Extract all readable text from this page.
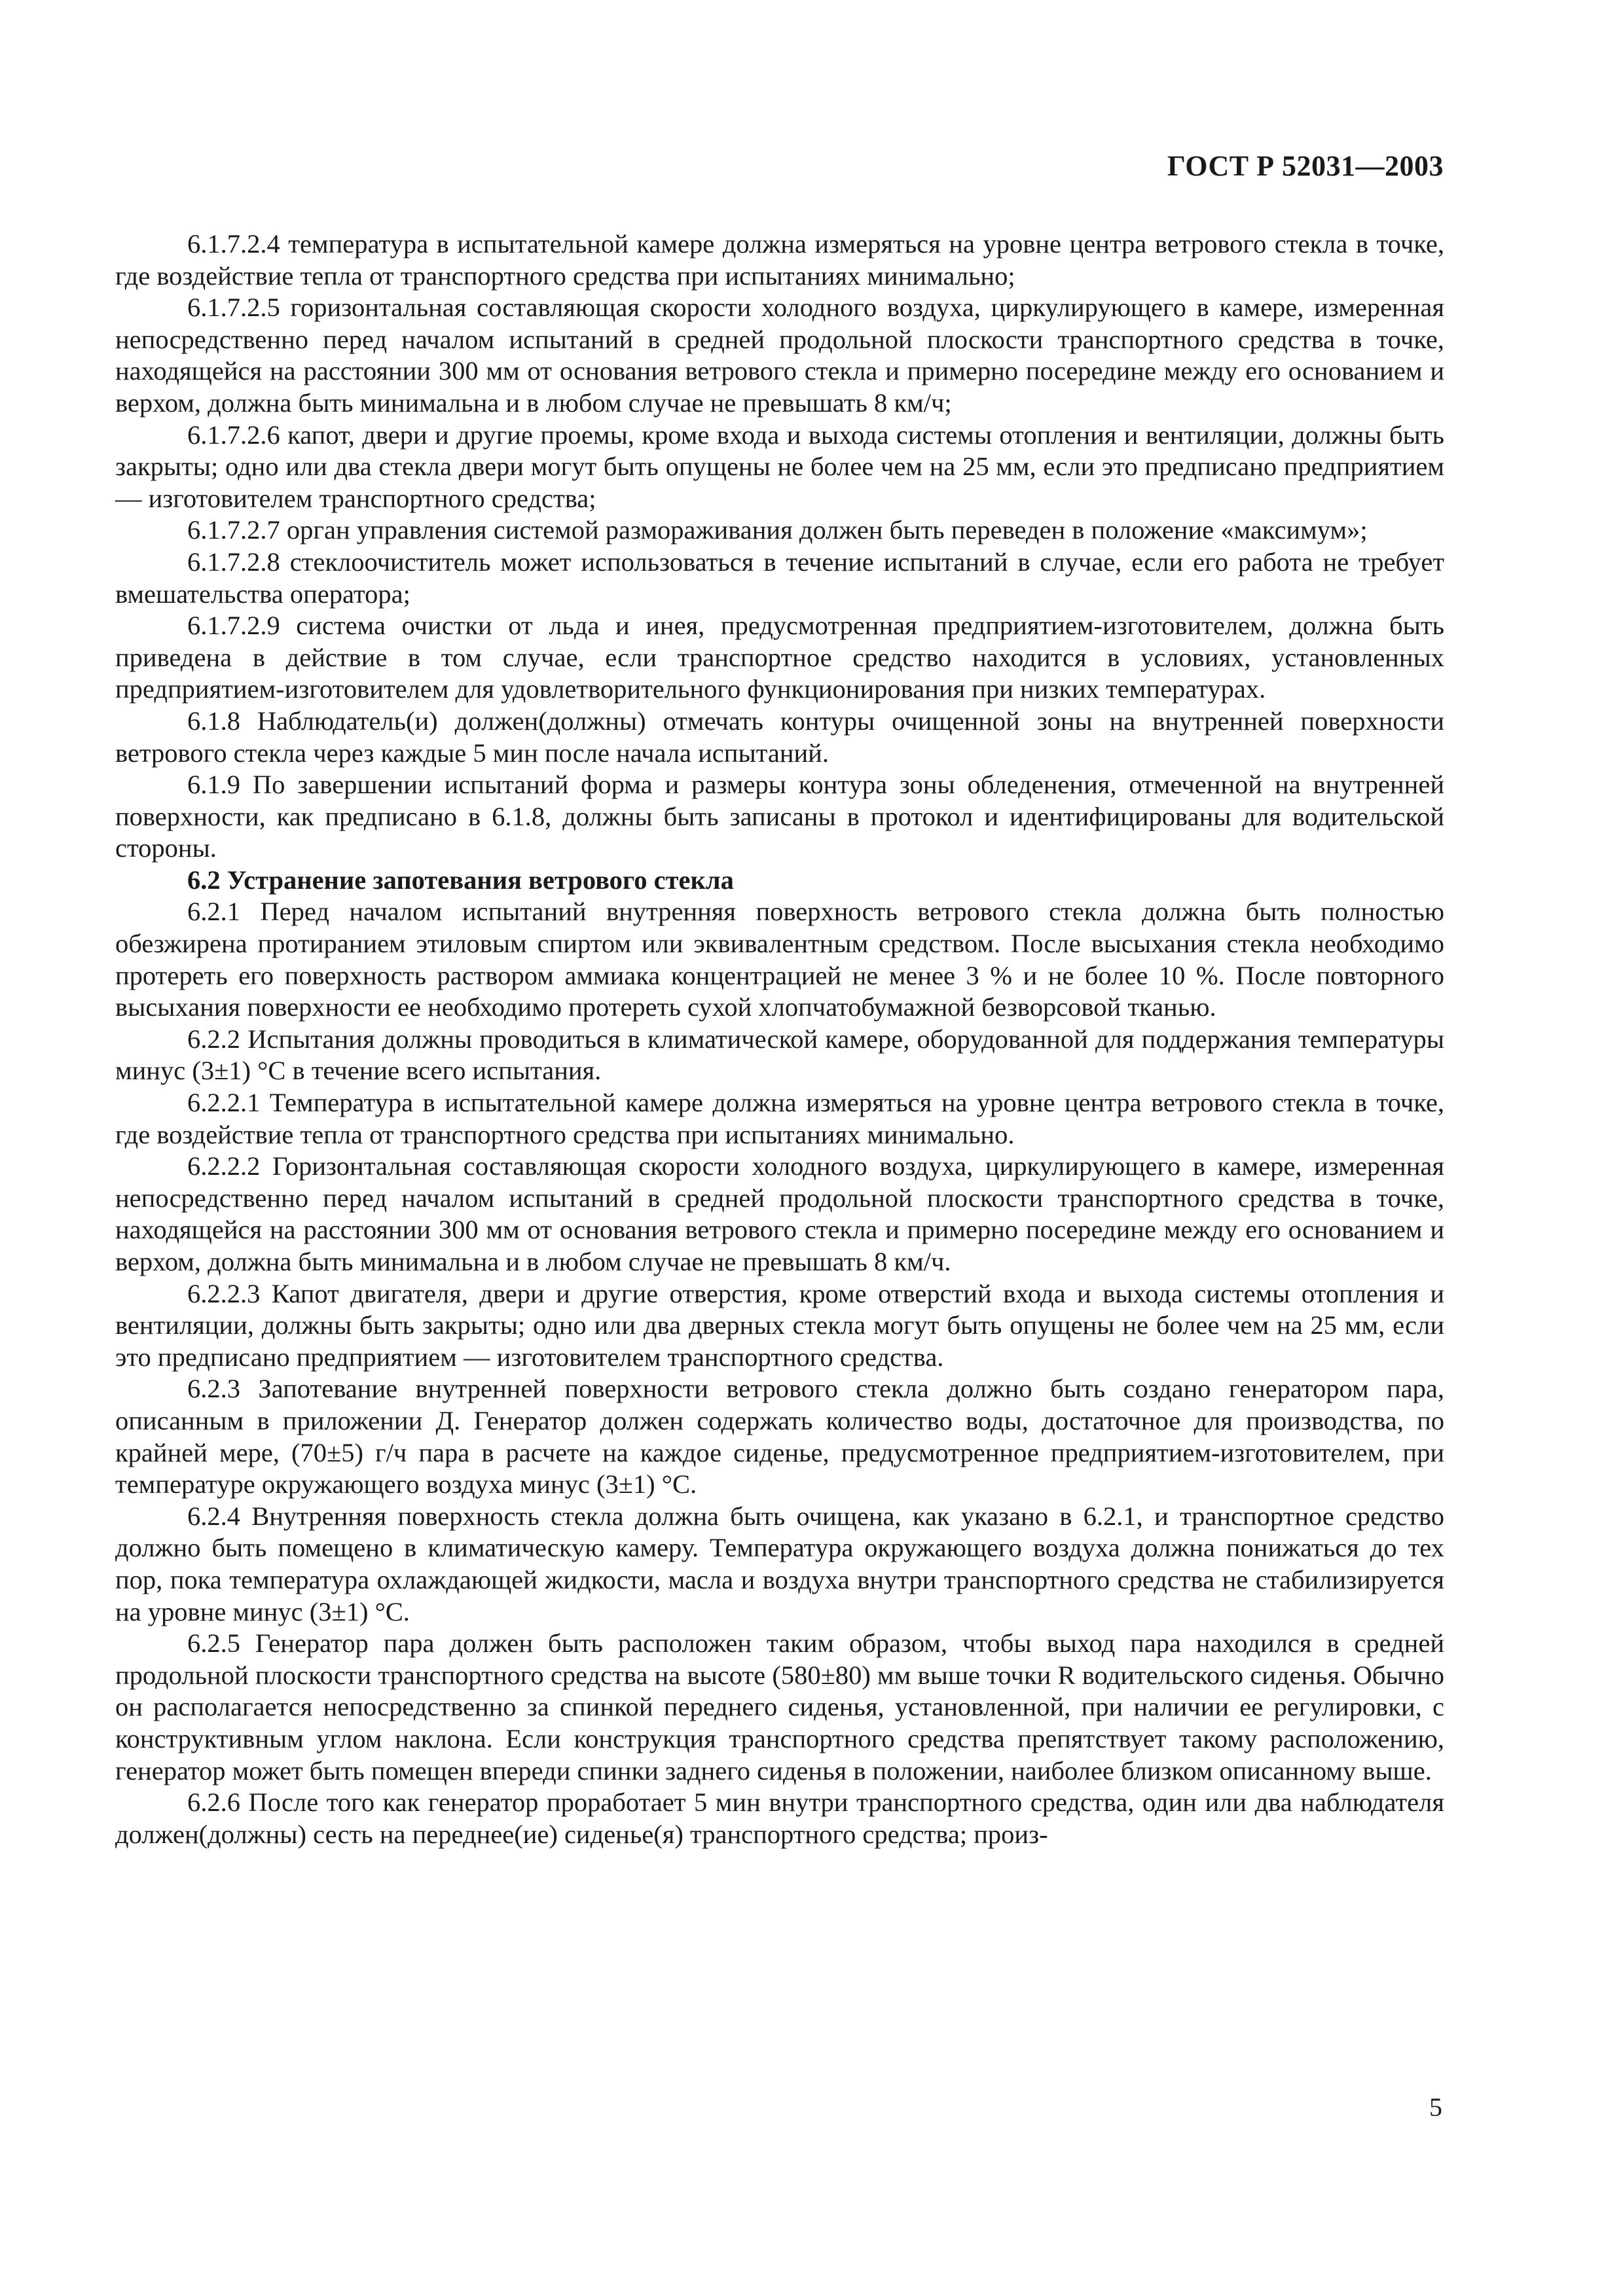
ГОСТ Р 52031—2003

6.1.7.2.4 температура в испытательной камере должна измеряться на уровне центра ветрового стекла в точке, где воздействие тепла от транспортного средства при испытаниях минимально;

6.1.7.2.5 горизонтальная составляющая скорости холодного воздуха, циркулирующего в камере, измеренная непосредственно перед началом испытаний в средней продольной плоскости транспортного средства в точке, находящейся на расстоянии 300 мм от основания ветрового стекла и примерно посередине между его основанием и верхом, должна быть минимальна и в любом случае не превышать 8 км/ч;

6.1.7.2.6 капот, двери и другие проемы, кроме входа и выхода системы отопления и вентиляции, должны быть закрыты; одно или два стекла двери могут быть опущены не более чем на 25 мм, если это предписано предприятием — изготовителем транспортного средства;

6.1.7.2.7 орган управления системой размораживания должен быть переведен в положение «максимум»;

6.1.7.2.8 стеклоочиститель может использоваться в течение испытаний в случае, если его работа не требует вмешательства оператора;

6.1.7.2.9 система очистки от льда и инея, предусмотренная предприятием-изготовителем, должна быть приведена в действие в том случае, если транспортное средство находится в условиях, установленных предприятием-изготовителем для удовлетворительного функционирования при низких температурах.

6.1.8 Наблюдатель(и) должен(должны) отмечать контуры очищенной зоны на внутренней поверхности ветрового стекла через каждые 5 мин после начала испытаний.

6.1.9 По завершении испытаний форма и размеры контура зоны обледенения, отмеченной на внутренней поверхности, как предписано в 6.1.8, должны быть записаны в протокол и идентифицированы для водительской стороны.

6.2 Устранение запотевания ветрового стекла

6.2.1 Перед началом испытаний внутренняя поверхность ветрового стекла должна быть полностью обезжирена протиранием этиловым спиртом или эквивалентным средством. После высыхания стекла необходимо протереть его поверхность раствором аммиака концентрацией не менее 3 % и не более 10 %. После повторного высыхания поверхности ее необходимо протереть сухой хлопчатобумажной безворсовой тканью.

6.2.2 Испытания должны проводиться в климатической камере, оборудованной для поддержания температуры минус (3±1) °С в течение всего испытания.

6.2.2.1 Температура в испытательной камере должна измеряться на уровне центра ветрового стекла в точке, где воздействие тепла от транспортного средства при испытаниях минимально.

6.2.2.2 Горизонтальная составляющая скорости холодного воздуха, циркулирующего в камере, измеренная непосредственно перед началом испытаний в средней продольной плоскости транспортного средства в точке, находящейся на расстоянии 300 мм от основания ветрового стекла и примерно посередине между его основанием и верхом, должна быть минимальна и в любом случае не превышать 8 км/ч.

6.2.2.3 Капот двигателя, двери и другие отверстия, кроме отверстий входа и выхода системы отопления и вентиляции, должны быть закрыты; одно или два дверных стекла могут быть опущены не более чем на 25 мм, если это предписано предприятием — изготовителем транспортного средства.

6.2.3 Запотевание внутренней поверхности ветрового стекла должно быть создано генератором пара, описанным в приложении Д. Генератор должен содержать количество воды, достаточное для производства, по крайней мере, (70±5) г/ч пара в расчете на каждое сиденье, предусмотренное предприятием-изготовителем, при температуре окружающего воздуха минус (3±1) °С.

6.2.4 Внутренняя поверхность стекла должна быть очищена, как указано в 6.2.1, и транспортное средство должно быть помещено в климатическую камеру. Температура окружающего воздуха должна понижаться до тех пор, пока температура охлаждающей жидкости, масла и воздуха внутри транспортного средства не стабилизируется на уровне минус (3±1) °С.

6.2.5 Генератор пара должен быть расположен таким образом, чтобы выход пара находился в средней продольной плоскости транспортного средства на высоте (580±80) мм выше точки R водительского сиденья. Обычно он располагается непосредственно за спинкой переднего сиденья, установленной, при наличии ее регулировки, с конструктивным углом наклона. Если конструкция транспортного средства препятствует такому расположению, генератор может быть помещен впереди спинки заднего сиденья в положении, наиболее близком описанному выше.

6.2.6 После того как генератор проработает 5 мин внутри транспортного средства, один или два наблюдателя должен(должны) сесть на переднее(ие) сиденье(я) транспортного средства; произ-

5
